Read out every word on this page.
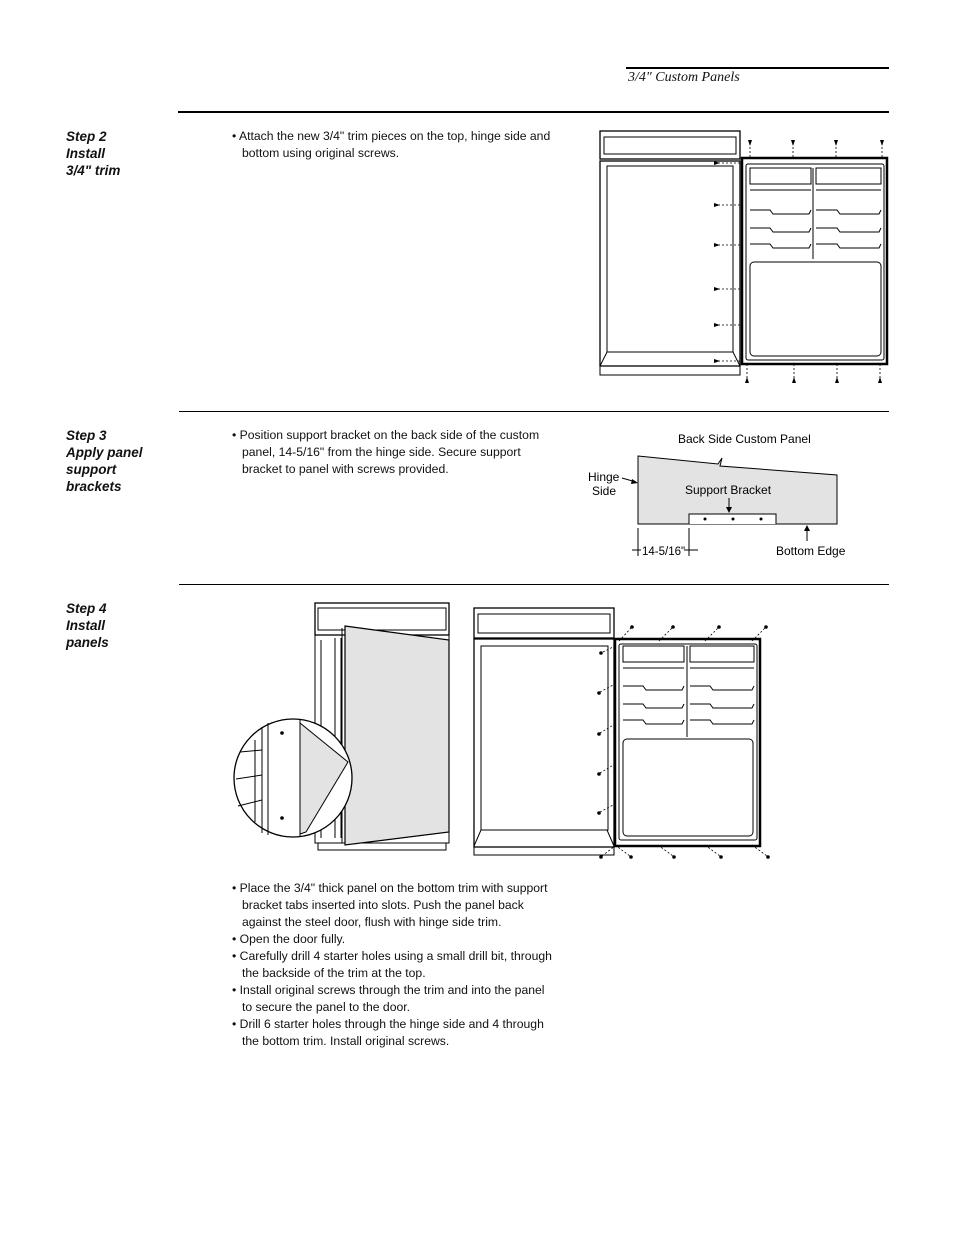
3/4" Custom Panels
Step 2
Install
3/4" trim

• Attach the new 3/4" trim pieces on the top, hinge side and bottom using original screws.

Step 3
Apply panel
support
brackets

• Position support bracket on the back side of the custom panel, 14-5/16" from the hinge side. Secure support bracket to panel with screws provided.

Back Side Custom Panel
Hinge
Side	Support Bracket
14-5/16"	Bottom Edge
Step 4
Install
panels

• Place the 3/4" thick panel on the bottom trim with support bracket tabs inserted into slots. Push the panel back against the steel door, flush with hinge side trim.

• Open the door fully.

• Carefully drill 4 starter holes using a small drill bit, through the backside of the trim at the top.

• Install original screws through the trim and into the panel to secure the panel to the door.

• Drill 6 starter holes through the hinge side and 4 through the bottom trim. Install original screws.
